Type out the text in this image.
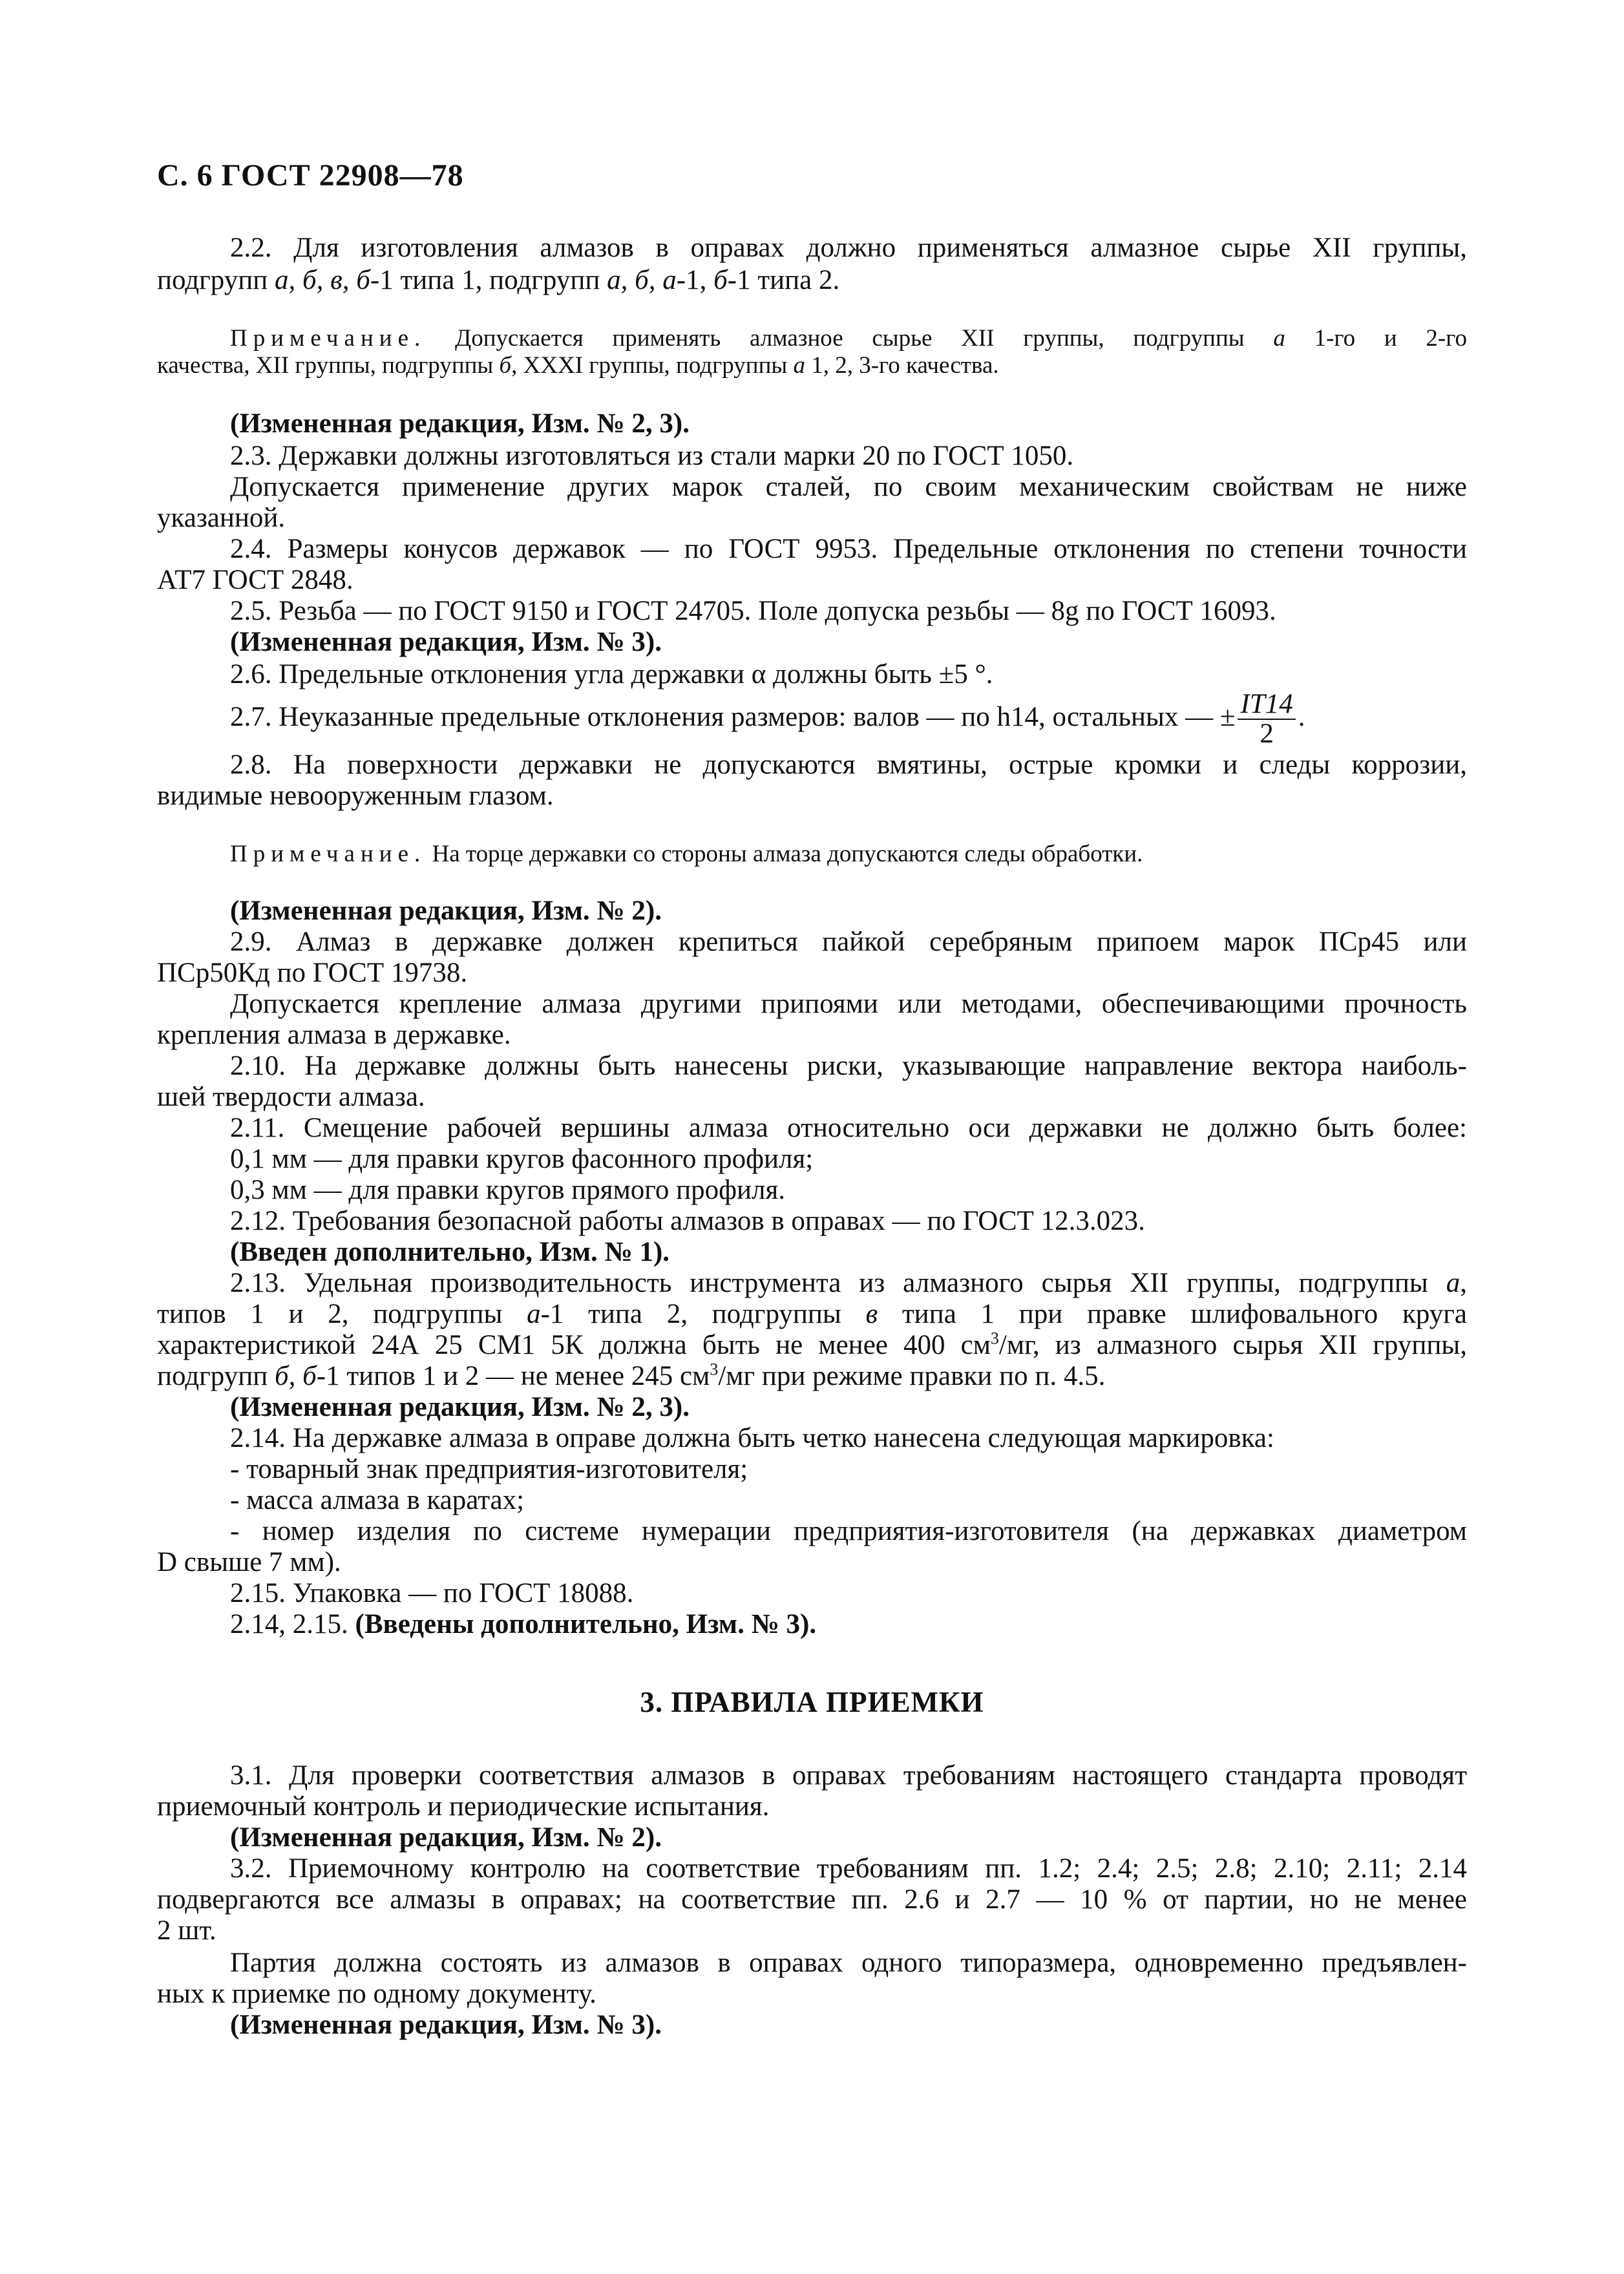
С. 6 ГОСТ 22908—78
2.2. Для изготовления алмазов в оправах должно применяться алмазное сырье XII группы,
подгрупп а, б, в, б-1 типа 1, подгрупп а, б, а-1, б-1 типа 2.
Примечание. Допускается применять алмазное сырье XII группы, подгруппы а 1-го и 2-го
качества, XII группы, подгруппы б, XXXI группы, подгруппы а 1, 2, 3-го качества.
(Измененная редакция, Изм. № 2, 3).
2.3. Державки должны изготовляться из стали марки 20 по ГОСТ 1050.
Допускается применение других марок сталей, по своим механическим свойствам не ниже
указанной.
2.4. Размеры конусов державок — по ГОСТ 9953. Предельные отклонения по степени точности
АТ7 ГОСТ 2848.
2.5. Резьба — по ГОСТ 9150 и ГОСТ 24705. Поле допуска резьбы — 8g по ГОСТ 16093.
(Измененная редакция, Изм. № 3).
2.6. Предельные отклонения угла державки α должны быть ±5 °.
2.7. Неуказанные предельные отклонения размеров: валов — по h14, остальных — ± $\frac{IT14}{2}$ .
2.8. На поверхности державки не допускаются вмятины, острые кромки и следы коррозии,
видимые невооруженным глазом.
Примечание. На торце державки со стороны алмаза допускаются следы обработки.
(Измененная редакция, Изм. № 2).
2.9. Алмаз в державке должен крепиться пайкой серебряным припоем марок ПСр45 или
ПСр50Кд по ГОСТ 19738.
Допускается крепление алмаза другими припоями или методами, обеспечивающими прочность
крепления алмаза в державке.
2.10. На державке должны быть нанесены риски, указывающие направление вектора наиболь-
шей твердости алмаза.
2.11. Смещение рабочей вершины алмаза относительно оси державки не должно быть более:
0,1 мм — для правки кругов фасонного профиля;
0,3 мм — для правки кругов прямого профиля.
2.12. Требования безопасной работы алмазов в оправах — по ГОСТ 12.3.023.
(Введен дополнительно, Изм. № 1).
2.13. Удельная производительность инструмента из алмазного сырья XII группы, подгруппы а,
типов 1 и 2, подгруппы а-1 типа 2, подгруппы в типа 1 при правке шлифовального круга
характеристикой 24А 25 СМ1 5К должна быть не менее 400 $см^3/мг$, из алмазного сырья XII группы,
подгрупп б, б-1 типов 1 и 2 — не менее 245 $см^3/мг$ при режиме правки по п. 4.5.
(Измененная редакция, Изм. № 2, 3).
2.14. На державке алмаза в оправе должна быть четко нанесена следующая маркировка:
- товарный знак предприятия-изготовителя;
- масса алмаза в каратах;
- номер изделия по системе нумерации предприятия-изготовителя (на державках диаметром
D свыше 7 мм).
2.15. Упаковка — по ГОСТ 18088.
2.14, 2.15. (Введены дополнительно, Изм. № 3).
3. ПРАВИЛА ПРИЕМКИ
3.1. Для проверки соответствия алмазов в оправах требованиям настоящего стандарта проводят
приемочный контроль и периодические испытания.
(Измененная редакция, Изм. № 2).
3.2. Приемочному контролю на соответствие требованиям пп. 1.2; 2.4; 2.5; 2.8; 2.10; 2.11; 2.14
подвергаются все алмазы в оправах; на соответствие пп. 2.6 и 2.7 — 10 % от партии, но не менее
2 шт.
Партия должна состоять из алмазов в оправах одного типоразмера, одновременно предъявлен-
ных к приемке по одному документу.
(Измененная редакция, Изм. № 3).
